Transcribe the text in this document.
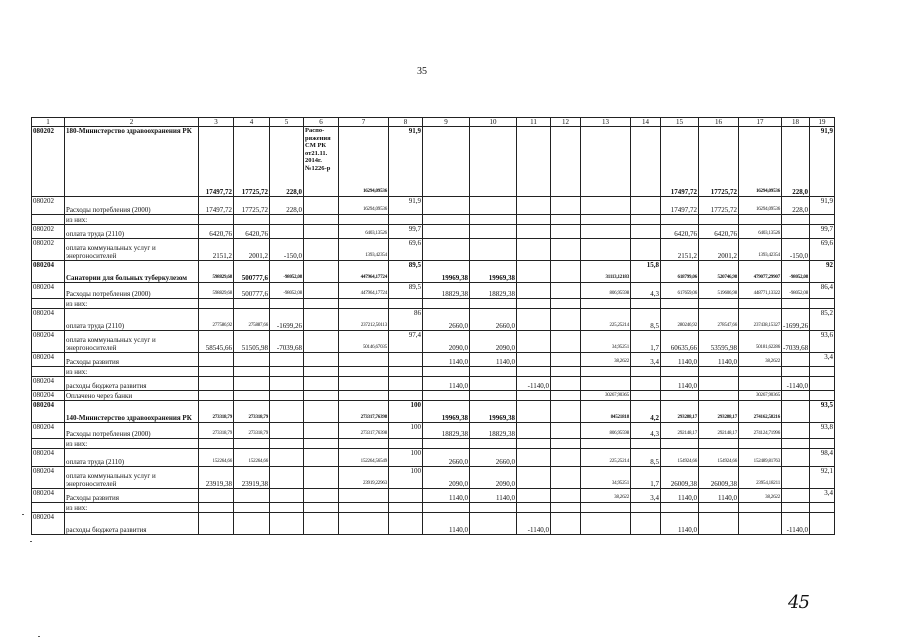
35
1	2	3	4	5	6	7	8	9	10	11	12	13	14	15	16	17	18	19
080202	180-Министерство здравоохранения РК	17497,72	17725,72	228,0	Распо-ряжения СМ РК от21.11. 2014г. №1226-р	16294,09536	91,9							17497,72	17725,72	16294,09536	228,0	91,9
080202	Расходы потребления (2000)	17497,72	17725,72	228,0		16294,09536	91,9							17497,72	17725,72	16294,09536	228,0	91,9
	из них:																	
080202	оплата труда (2110)	6420,76	6420,76			6403,13526	99,7							6420,76	6420,76	6403,13526		99,7
080202	оплата коммунальных услуг и энергоносителей	2151,2	2001,2	-150,0		1393,42354	69,6							2151,2	2001,2	1393,42354	-150,0	69,6
080204	Санатории для больных туберкулезом	598829,68	500777,6	-98052,08		447964,17724	89,5	19969,38	19969,38			31113,12183	15,8	618799,06	520746,98	479077,29907	-98052,08	92
080204	Расходы потребления (2000)	598829,68	500777,6	-98052,08		447964,17724	89,5	18829,38	18829,38			806,95598	4,3	617659,06	519606,98	448771,13322	-98052,08	86,4
	из них:																	
080204	оплата труда (2110)	277586,92	275887,66	-1699,26		237212,50113	86	2660,0	2660,0			225,25214	8,5	280246,92	278547,66	237438,15327	-1699,26	85,2
080204	оплата коммунальных услуг и энергоносителей	58545,66	51505,98	-7039,68		50146,67035	97,4	2090,0	2090,0			34,95251	1,7	60635,66	53595,98	50181,62286	-7039,68	93,6
080204	Расходы развития							1140,0	1140,0			38,2622	3,4	1140,0	1140,0	38,2622		3,4
	из них:																	
080204	расходы бюджета развития							1140,0		-1140,0				1140,0			-1140,0	
080204	Оплачено через банки											30267,90365				30267,90365		
080204	140-Министерство здравоохранения РК	273318,79	273318,79			273317,76398	100	19969,38	19969,38			84521818	4,2	293288,17	293288,17	274162,58216		93,5
080204	Расходы потребления (2000)	273318,79	273318,79			273317,76398	100	18829,38	18829,38			806,95598	4,3	292148,17	292148,17	274124,71996		93,8
	из них:																	
080204	оплата труда (2110)	152264,66	152264,66			152264,56549	100	2660,0	2660,0			225,25214	8,5	154924,66	154924,66	152489,81763		98,4
080204	оплата коммунальных услуг и энергоносителей	23919,38	23919,38			23919,22963	100	2090,0	2090,0			34,95251	1,7	26009,38	26009,38	23954,18211		92,1
080204	Расходы развития							1140,0	1140,0			38,2622	3,4	1140,0	1140,0	38,2622		3,4
	из них:																	
080204	расходы бюджета развития							1140,0		-1140,0				1140,0			-1140,0	
45
